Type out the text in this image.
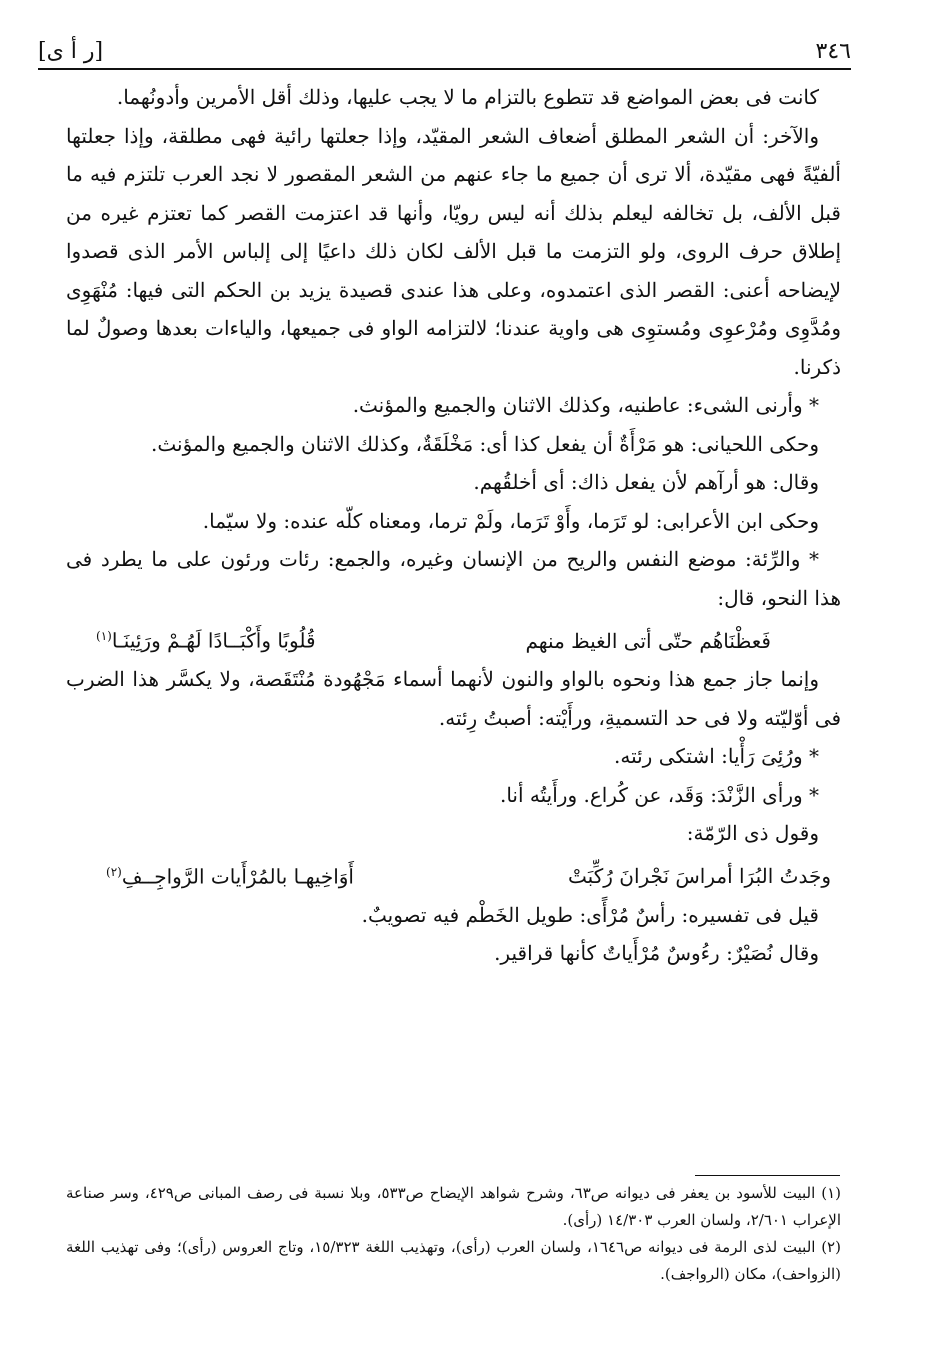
٣٤٦
[ر أ ى]

كانت فى بعض المواضع قد تتطوع بالتزام ما لا يجب عليها، وذلك أقل الأمرين وأدونُهما.

والآخر: أن الشعر المطلق أضعاف الشعر المقيّد، وإذا جعلتها رائية فهى مطلقة، وإذا جعلتها ألفيّةً فهى مقيّدة، ألا ترى أن جميع ما جاء عنهم من الشعر المقصور لا نجد العرب تلتزم فيه ما قبل الألف، بل تخالفه ليعلم بذلك أنه ليس رويّا، وأنها قد اعتزمت القصر كما تعتزم غيره من إطلاق حرف الروى، ولو التزمت ما قبل الألف لكان ذلك داعيًا إلى إلباس الأمر الذى قصدوا لإيضاحه أعنى: القصر الذى اعتمدوه، وعلى هذا عندى قصيدة يزيد بن الحكم التى فيها: مُنْهَوِى ومُدَّوِى ومُرْعوِى ومُستوِى هى واوية عندنا؛ لالتزامه الواو فى جميعها، والياءات بعدها وصولٌ لما ذكرنا.

* وأرنى الشىء: عاطنيه، وكذلك الاثنان والجميع والمؤنث.

وحكى اللحيانى: هو مَرْأَةٌ أن يفعل كذا أى: مَخْلَقَةٌ، وكذلك الاثنان والجميع والمؤنث.

وقال: هو أرآهم لأن يفعل ذاك: أى أخلقُهم.

وحكى ابن الأعرابى: لو تَرَما، وأَوْ تَرَما، ولَمْ ترما، ومعناه كلّه عنده: ولا سيّما.

* والرِّئة: موضع النفس والريح من الإنسان وغيره، والجمع: رئات ورئون على ما يطرد فى هذا النحو، قال:

فَعظْنَاهُم حتّى أتى الغيظ منهم
قُلُوبًا وأَكْبَــادًا لَهُـمْ ورَئِينَـا$^{(١)}$

وإنما جاز جمع هذا ونحوه بالواو والنون لأنهما أسماء مَجْهُودة مُنْتَقَصة، ولا يكسَّر هذا الضرب فى أوّليّته ولا فى حد التسميةِ، ورأَيْته: أصبتُ رِئته.

* ورُئِىَ رَأْيا: اشتكى رئته.

* ورأى الزَّنْدَ: وَقَد، عن كُراع. ورأَيتُه أنا.

وقول ذى الرّمّة:

وجَدتُ البُرَا أمراسَ نَجْرانَ رُكِّبَتْ
أَوَاخِيهـا بالمُرْأَيات الرَّواجِــفِ$^{(٢)}$

قيل فى تفسيره: رأسٌ مُرْأًى: طويل الخَطْم فيه تصويبٌ.

وقال نُصَيْرٌ: رءُوسٌ مُرْأَياتٌ كأنها قراقير.

(١) البيت للأسود بن يعفر فى ديوانه ص٦٣، وشرح شواهد الإيضاح ص٥٣٣، وبلا نسبة فى رصف المبانى ص٤٢٩، وسر صناعة الإعراب ٢/٦٠١، ولسان العرب ١٤/٣٠٣ (رأى).

(٢) البيت لذى الرمة فى ديوانه ص١٦٤٦، ولسان العرب (رأى)، وتهذيب اللغة ١٥/٣٢٣، وتاج العروس (رأى)؛ وفى تهذيب اللغة (الزواحف)، مكان (الرواجف).
